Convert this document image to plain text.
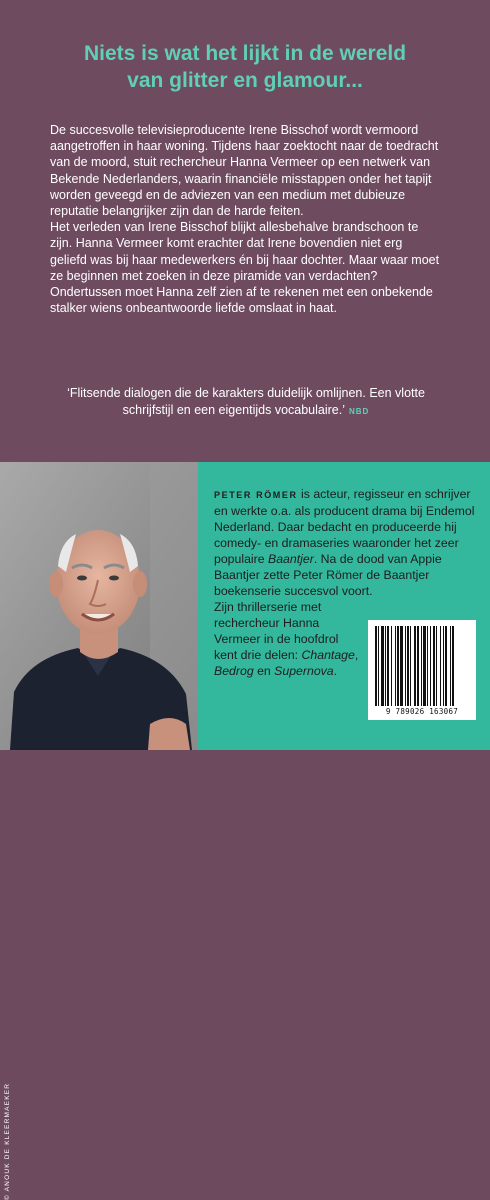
Niets is wat het lijkt in de wereld
van glitter en glamour...

De succesvolle televisieproducente Irene Bisschof wordt vermoord aangetroffen in haar woning. Tijdens haar zoektocht naar de toedracht van de moord, stuit rechercheur Hanna Vermeer op een netwerk van Bekende Nederlanders, waarin financiële misstappen onder het tapijt worden geveegd en de adviezen van een medium met dubieuze reputatie belangrijker zijn dan de harde feiten.

Het verleden van Irene Bisschof blijkt allesbehalve brandschoon te zijn. Hanna Vermeer komt erachter dat Irene bovendien niet erg geliefd was bij haar medewerkers én bij haar dochter. Maar waar moet ze beginnen met zoeken in deze piramide van verdachten?

Ondertussen moet Hanna zelf zien af te rekenen met een onbekende stalker wiens onbeantwoorde liefde omslaat in haat.

‘Flitsende dialogen die de karakters duidelijk omlijnen. Een vlotte schrijfstijl en een eigentijds vocabulaire.’ NBD
© ANOUK DE KLEERMAEKER
PETER RÖMER is acteur, regisseur en schrijver en werkte o.a. als producent drama bij Endemol Nederland. Daar bedacht en produceerde hij comedy- en dramaseries waaronder het zeer populaire Baantjer. Na de dood van Appie Baantjer zette Peter Römer de Baantjer boekenserie succesvol voort.
Zijn thrillerserie met rechercheur Hanna Vermeer in de hoofdrol kent drie delen: Chantage, Bedrog en Supernova.
9 789026 163067
